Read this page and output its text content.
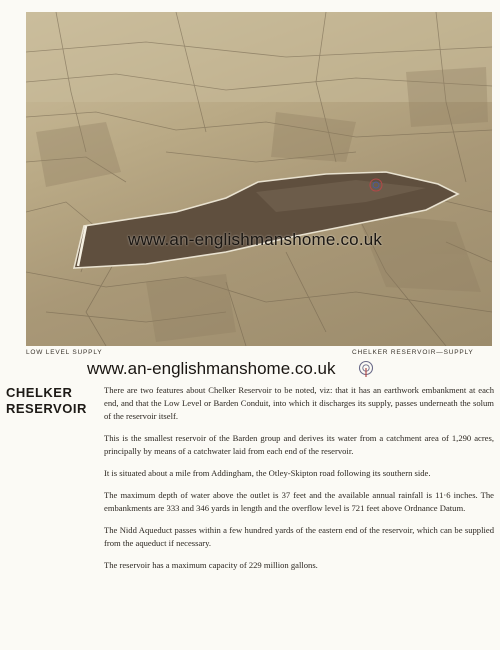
www.an-englishmanshome.co.uk
LOW LEVEL SUPPLY	CHELKER RESERVOIR—SUPPLY
www.an-englishmanshome.co.uk
CHELKER
RESERVOIR

There are two features about Chelker Reservoir to be noted, viz: that it has an earthwork embankment at each end, and that the Low Level or Barden Conduit, into which it discharges its supply, passes underneath the solum of the reservoir itself.

This is the smallest reservoir of the Barden group and derives its water from a catchment area of 1,290 acres, principally by means of a catchwater laid from each end of the reservoir.

It is situated about a mile from Addingham, the Otley-Skipton road following its southern side.

The maximum depth of water above the outlet is 37 feet and the available annual rainfall is 11·6 inches. The embankments are 333 and 346 yards in length and the overflow level is 721 feet above Ordnance Datum.

The Nidd Aqueduct passes within a few hundred yards of the eastern end of the reservoir, which can be supplied from the aqueduct if necessary.

The reservoir has a maximum capacity of 229 million gallons.
